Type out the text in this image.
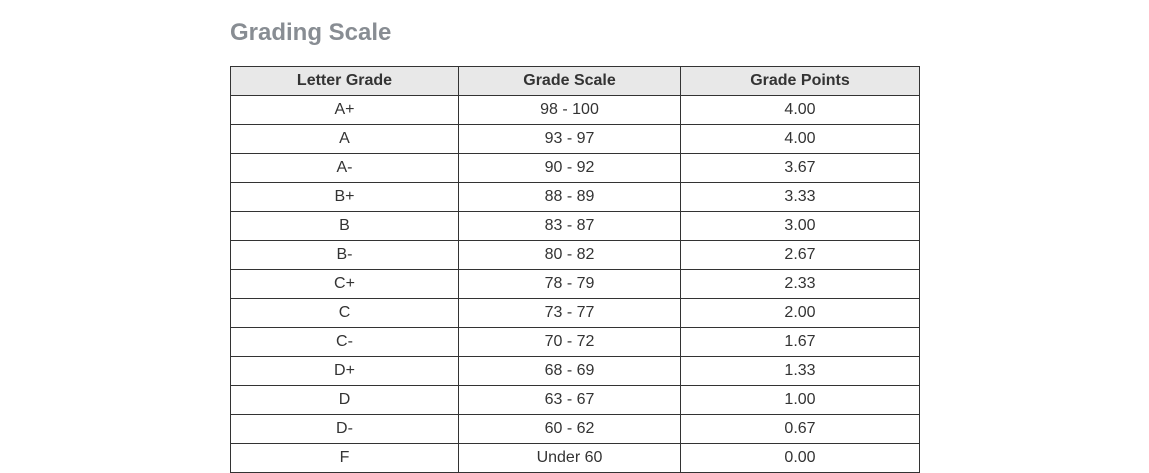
Grading Scale
Letter Grade	Grade Scale	Grade Points
A+	98 - 100	4.00
A	93 - 97	4.00
A-	90 - 92	3.67
B+	88 - 89	3.33
B	83 - 87	3.00
B-	80 - 82	2.67
C+	78 - 79	2.33
C	73 - 77	2.00
C-	70 - 72	1.67
D+	68 - 69	1.33
D	63 - 67	1.00
D-	60 - 62	0.67
F	Under 60	0.00
